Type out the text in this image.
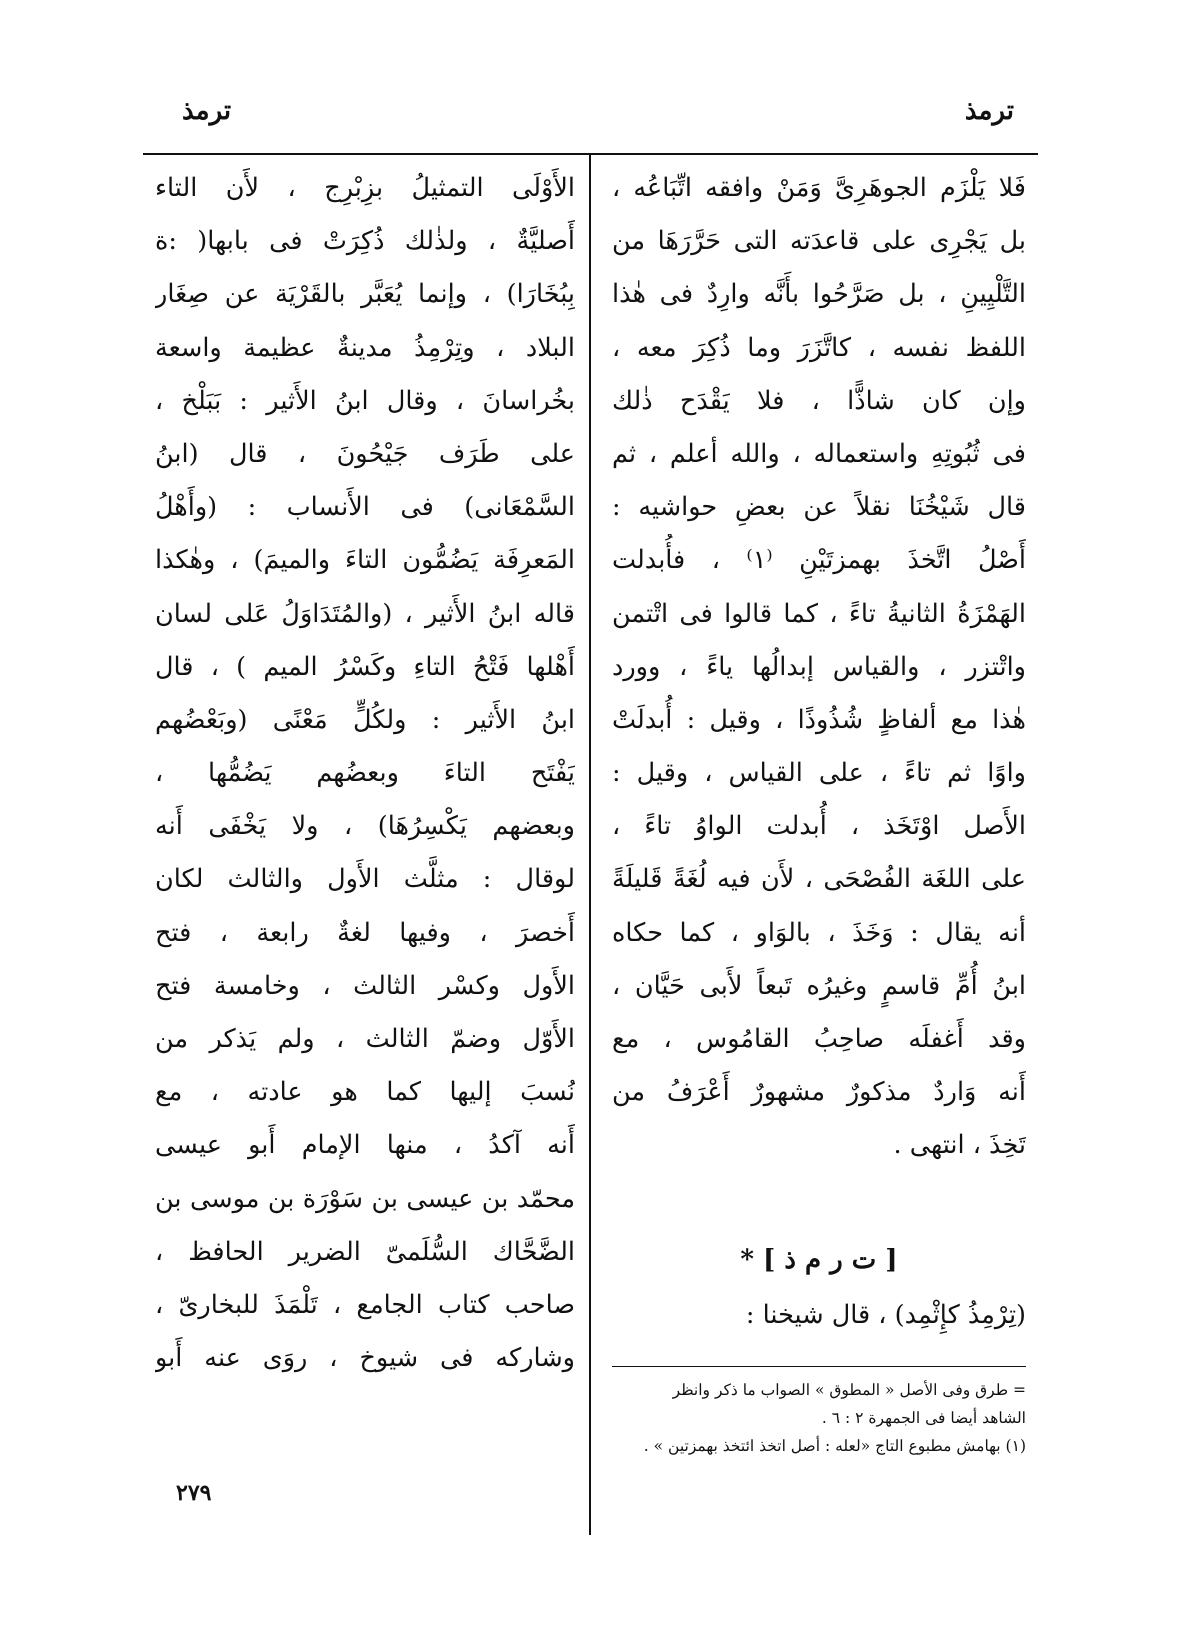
ترمذ
ترمذ
فَلا يَلْزَم الجوهَرِىَّ وَمَنْ وافقه اتِّبَاعُه ،
بل يَجْرِى على قاعدَته التى حَرَّرَهَا من
التَّلْيِينِ ، بل صَرَّحُوا بأَنَّه وارِدٌ فى هٰذا
اللفظ نفسه ، كاتَّزَرَ وما ذُكِرَ معه ،
وإن كان شاذًّا ، فلا يَقْدَح ذٰلك
فى ثُبُوتِهِ واستعماله ، والله أعلم ، ثم
قال شَيْخُنَا نقلاً عن بعضِ حواشيه :
أَصْلُ اتَّخذَ بهمزتَيْنِ ⁽١⁾ ، فأُبدلت
الهَمْزَةُ الثانيةُ تاءً ، كما قالوا فى اتْتمن
واتْتزر ، والقياس إبدالُها ياءً ، وورد
هٰذا مع ألفاظٍ شُذُوذًا ، وقيل : أُبدلَتْ
واوًا ثم تاءً ، على القياس ، وقيل :
الأَصل اوْتَخَذ ، أُبدلت الواوُ تاءً ،
على اللغَة الفُصْحَى ، لأَن فيه لُغَةً قَليلَةً
أنه يقال : وَخَذَ ، بالوَاو ، كما حكاه
ابنُ أُمِّ قاسمٍ وغيرُه تَبعاً لأَبى حَيَّان ،
وقد أَغفلَه صاحِبُ القامُوس ، مع
أَنه وَاردٌ مذكورٌ مشهورٌ أَعْرَفُ من
تَخِذَ ، انتهى .
[ ت ر م ذ ] *
(تِرْمِذُ كإِثْمِد) ، قال شيخنا :
= طرق وفى الأصل « المطوق » الصواب ما ذكر وانظر
الشاهد أيضا فى الجمهرة ٢ : ٦ .
(١) بهامش مطبوع التاج «لعله : أصل اتخذ ائتخذ بهمزتين » .
الأَوْلَى التمثيلُ بزِبْرِج ، لأَن التاء
أَصليَّةٌ ، ولذٰلك ذُكِرَتْ فى بابها( :ة
بِبُخَارَا) ، وإنما يُعَبَّر بالقَرْيَة عن صِغَار
البلاد ، وتِرْمِذُ مدينةٌ عظيمة واسعة
بخُراسانَ ، وقال ابنُ الأَثير : بَبَلْخ ،
على طَرَف جَيْحُونَ ، قال (ابنُ
السَّمْعَانى) فى الأَنساب : (وأَهْلُ
المَعرِفَة يَضُمُّون التاءَ والميمَ) ، وهٰكذا
قاله ابنُ الأَثير ، (والمُتَدَاوَلُ عَلى لسان
أَهْلها فَتْحُ التاءِ وكَسْرُ الميم ) ، قال
ابنُ الأَثير : ولكُلٍّ مَعْنًى (وبَعْضُهم
يَفْتَح التاءَ وبعضُهم يَضُمُّها ،
وبعضهم يَكْسِرُهَا) ، ولا يَخْفَى أَنه
لوقال : مثلَّث الأَول والثالث لكان
أَخصرَ ، وفيها لغةٌ رابعة ، فتح
الأَول وكسْر الثالث ، وخامسة فتح
الأَوّل وضمّ الثالث ، ولم يَذكر من
نُسبَ إليها كما هو عادته ، مع
أَنه آكدُ ، منها الإمام أَبو عيسى
محمّد بن عيسى بن سَوْرَة بن موسى بن
الضَّحَّاك السُّلَمىّ الضرير الحافظ ،
صاحب كتاب الجامع ، تَلْمَذَ للبخارىّ ،
وشاركه فى شيوخ ، روَى عنه أَبو
٢٧٩
